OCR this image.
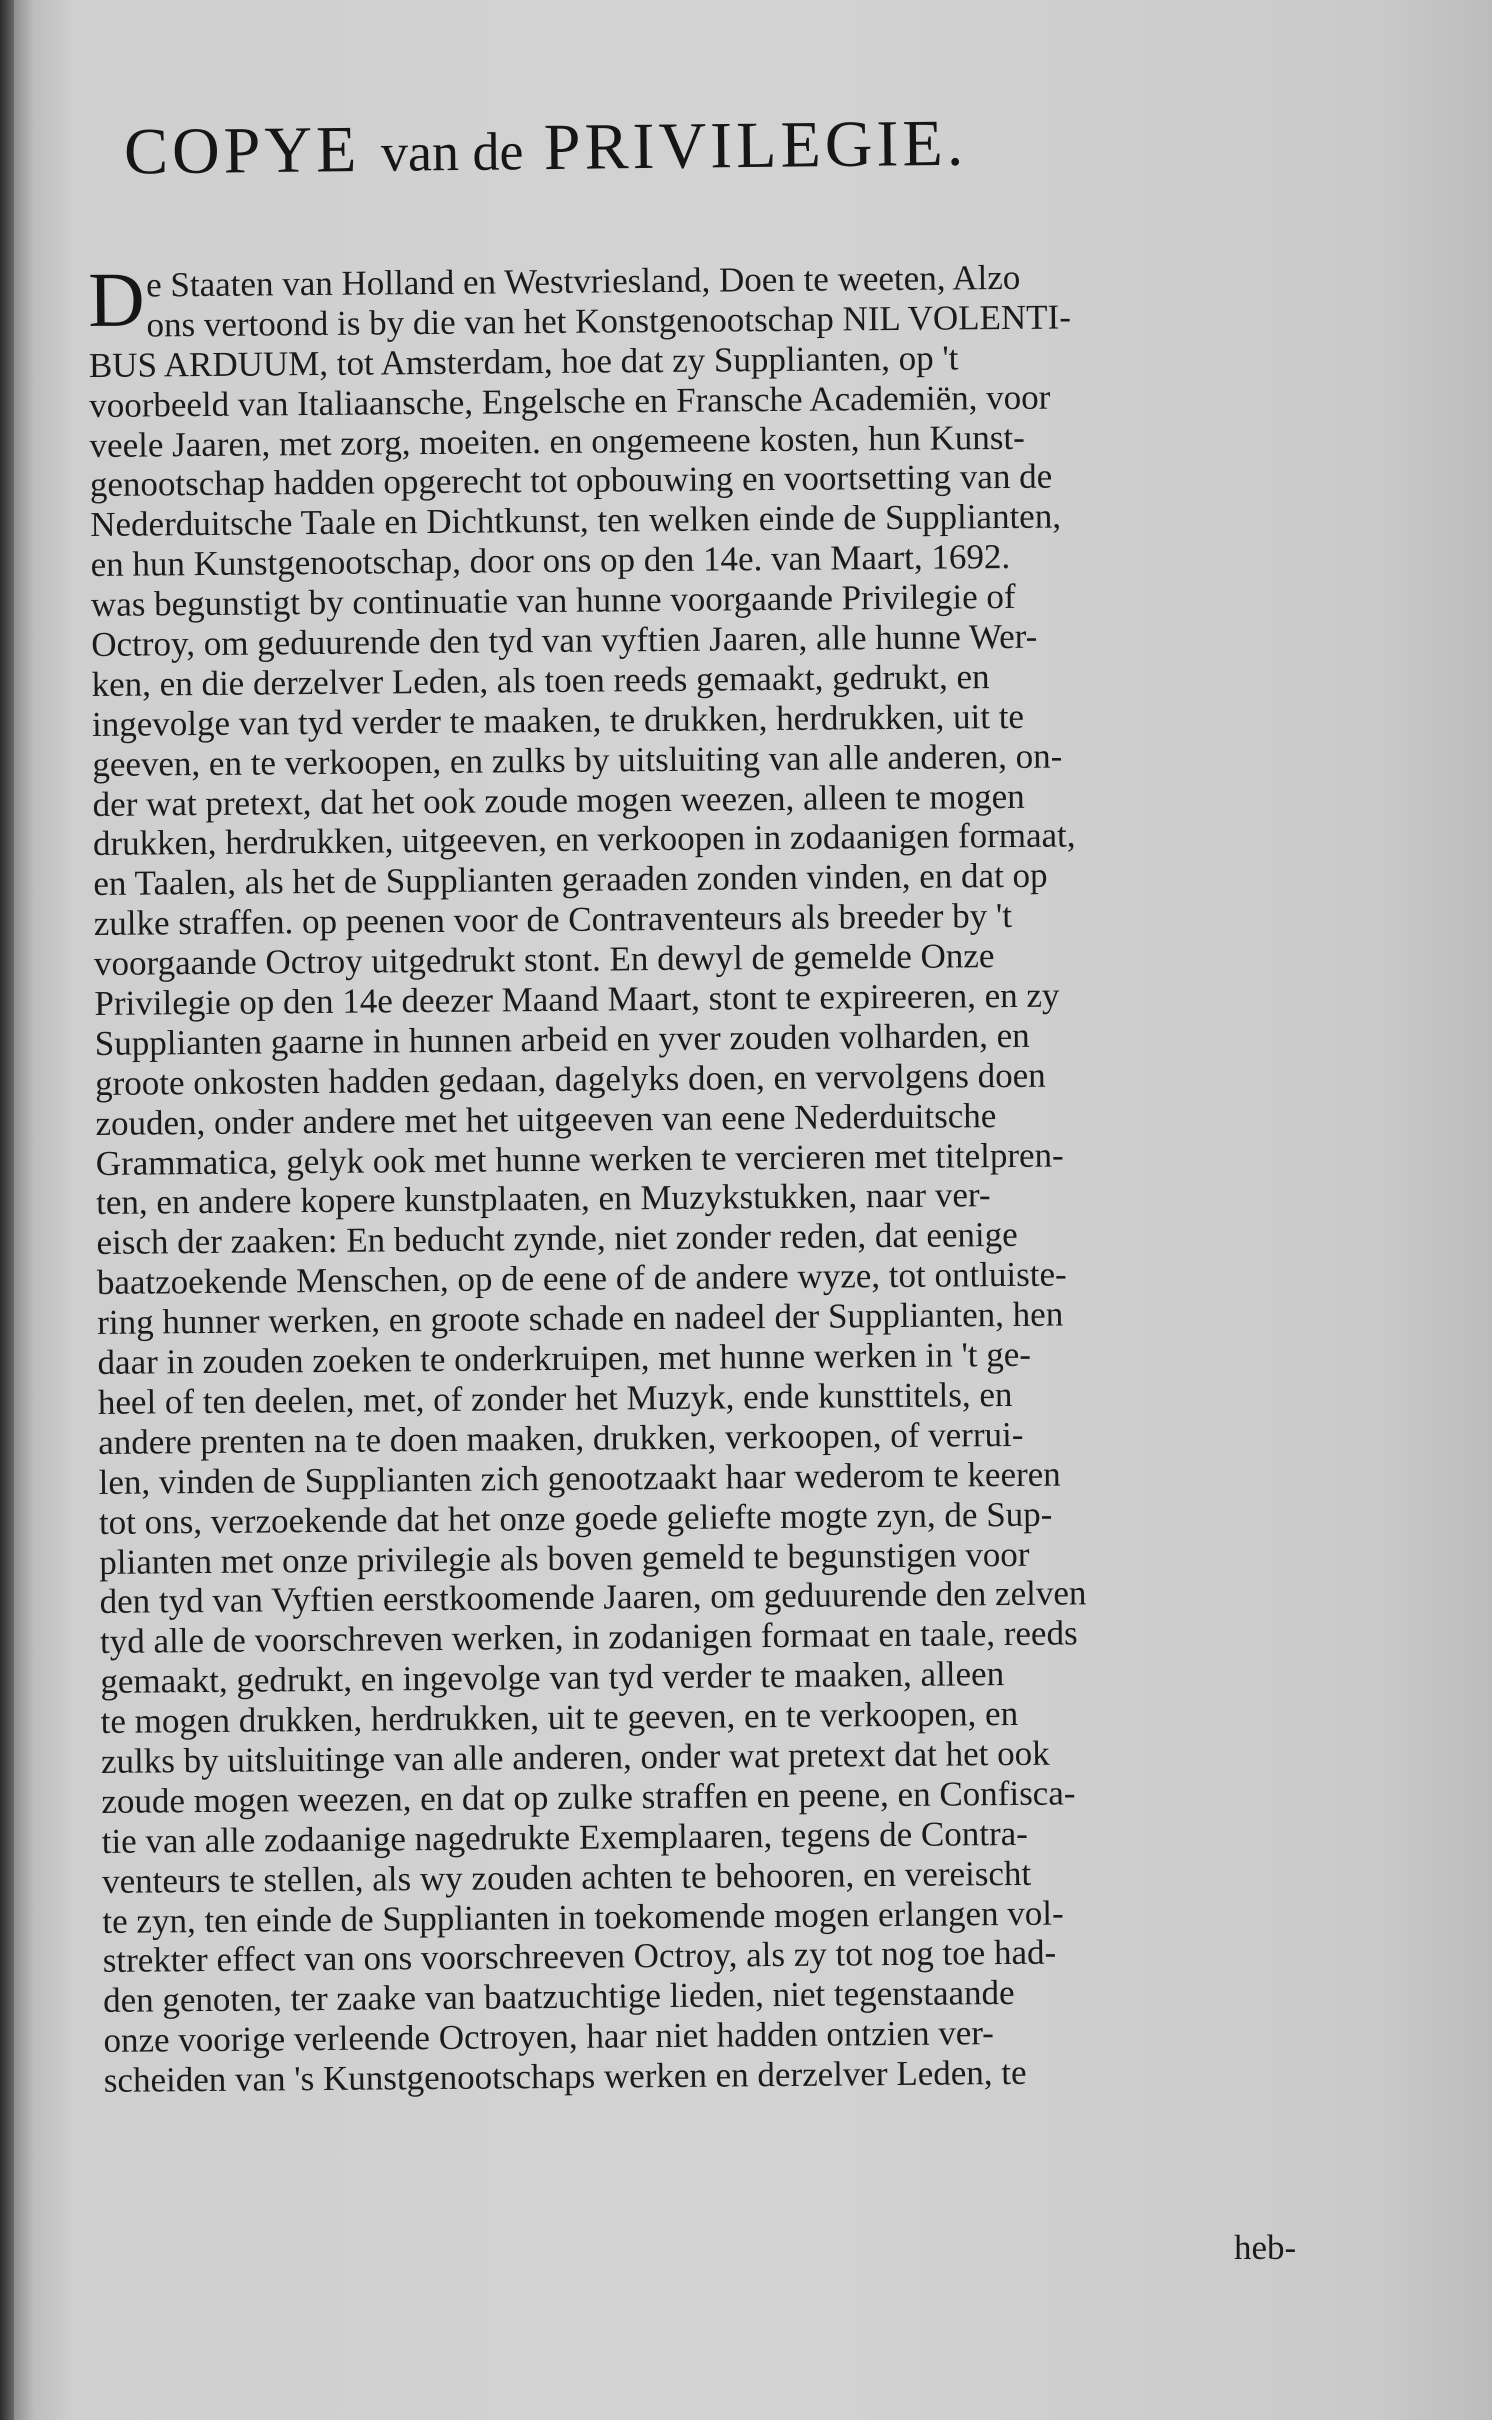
COPYE van de PRIVILEGIE.
De Staaten van Holland en Westvriesland, Doen te weeten, Alzo
ons vertoond is by die van het Konstgenootschap NIL VOLENTI-
BUS ARDUUM, tot Amsterdam, hoe dat zy Supplianten, op 't
voorbeeld van Italiaansche, Engelsche en Fransche Academiën, voor
veele Jaaren, met zorg, moeiten. en ongemeene kosten, hun Kunst-
genootschap hadden opgerecht tot opbouwing en voortsetting van de
Nederduitsche Taale en Dichtkunst, ten welken einde de Supplianten,
en hun Kunstgenootschap, door ons op den 14e. van Maart, 1692.
was begunstigt by continuatie van hunne voorgaande Privilegie of
Octroy, om geduurende den tyd van vyftien Jaaren, alle hunne Wer-
ken, en die derzelver Leden, als toen reeds gemaakt, gedrukt, en
ingevolge van tyd verder te maaken, te drukken, herdrukken, uit te
geeven, en te verkoopen, en zulks by uitsluiting van alle anderen, on-
der wat pretext, dat het ook zoude mogen weezen, alleen te mogen
drukken, herdrukken, uitgeeven, en verkoopen in zodaanigen formaat,
en Taalen, als het de Supplianten geraaden zonden vinden, en dat op
zulke straffen. op peenen voor de Contraventeurs als breeder by 't
voorgaande Octroy uitgedrukt stont. En dewyl de gemelde Onze
Privilegie op den 14e deezer Maand Maart, stont te expireeren, en zy
Supplianten gaarne in hunnen arbeid en yver zouden volharden, en
groote onkosten hadden gedaan, dagelyks doen, en vervolgens doen
zouden, onder andere met het uitgeeven van eene Nederduitsche
Grammatica, gelyk ook met hunne werken te vercieren met titelpren-
ten, en andere kopere kunstplaaten, en Muzykstukken, naar ver-
eisch der zaaken: En beducht zynde, niet zonder reden, dat eenige
baatzoekende Menschen, op de eene of de andere wyze, tot ontluiste-
ring hunner werken, en groote schade en nadeel der Supplianten, hen
daar in zouden zoeken te onderkruipen, met hunne werken in 't ge-
heel of ten deelen, met, of zonder het Muzyk, ende kunsttitels, en
andere prenten na te doen maaken, drukken, verkoopen, of verrui-
len, vinden de Supplianten zich genootzaakt haar wederom te keeren
tot ons, verzoekende dat het onze goede geliefte mogte zyn, de Sup-
plianten met onze privilegie als boven gemeld te begunstigen voor
den tyd van Vyftien eerstkoomende Jaaren, om geduurende den zelven
tyd alle de voorschreven werken, in zodanigen formaat en taale, reeds
gemaakt, gedrukt, en ingevolge van tyd verder te maaken, alleen
te mogen drukken, herdrukken, uit te geeven, en te verkoopen, en
zulks by uitsluitinge van alle anderen, onder wat pretext dat het ook
zoude mogen weezen, en dat op zulke straffen en peene, en Confisca-
tie van alle zodaanige nagedrukte Exemplaaren, tegens de Contra-
venteurs te stellen, als wy zouden achten te behooren, en vereischt
te zyn, ten einde de Supplianten in toekomende mogen erlangen vol-
strekter effect van ons voorschreeven Octroy, als zy tot nog toe had-
den genoten, ter zaake van baatzuchtige lieden, niet tegenstaande
onze voorige verleende Octroyen, haar niet hadden ontzien ver-
scheiden van 's Kunstgenootschaps werken en derzelver Leden, te
heb-
